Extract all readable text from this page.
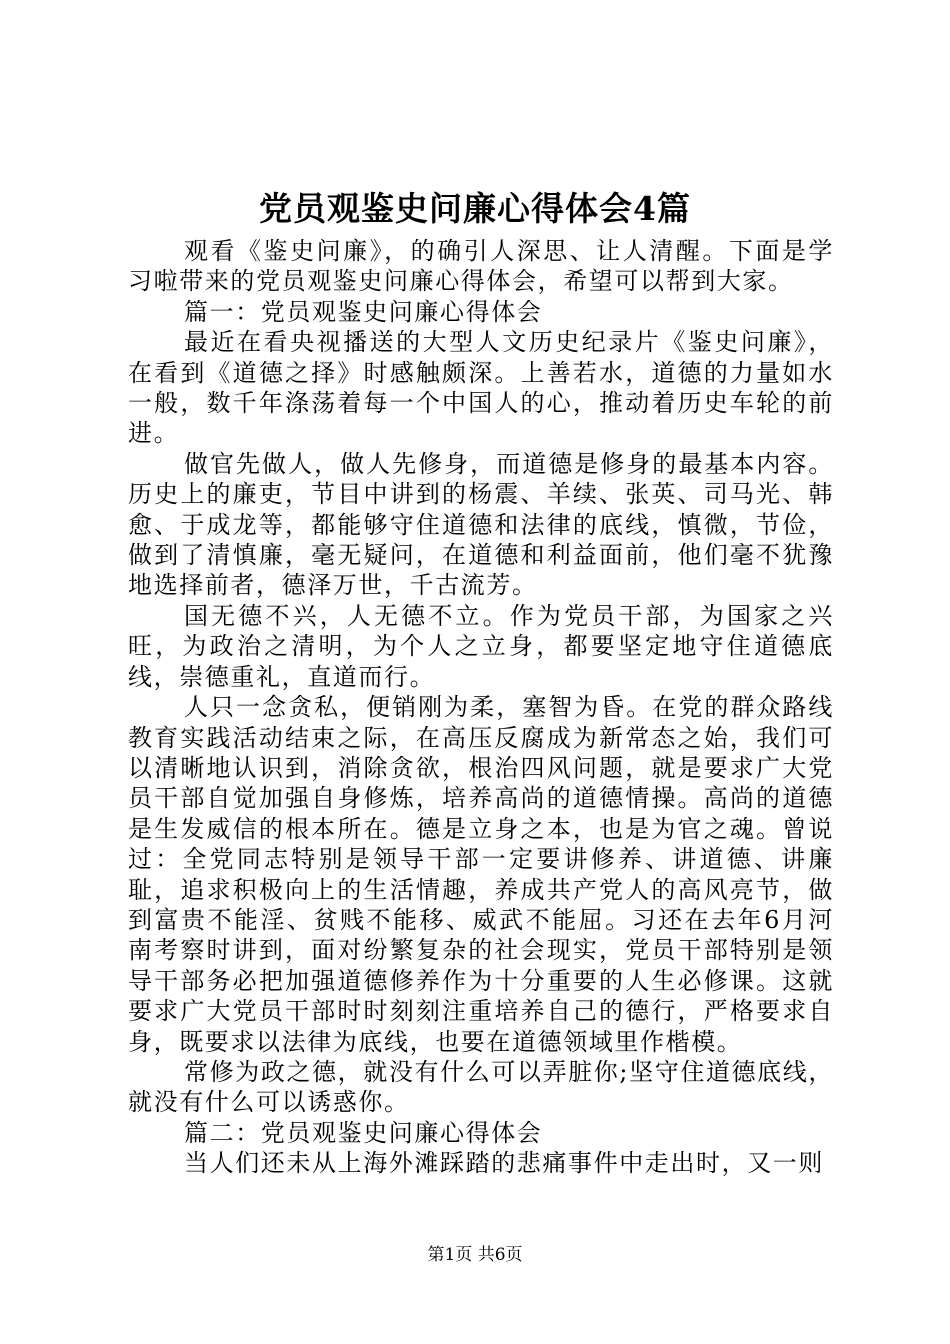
党员观鉴史问廉心得体会4篇

观看《鉴史问廉》，的确引人深思、让人清醒。下面是学习啦带来的党员观鉴史问廉心得体会，希望可以帮到大家。

篇一：党员观鉴史问廉心得体会

最近在看央视播送的大型人文历史纪录片《鉴史问廉》，在看到《道德之择》时感触颇深。上善若水，道德的力量如水一般，数千年涤荡着每一个中国人的心，推动着历史车轮的前进。

做官先做人，做人先修身，而道德是修身的最基本内容。历史上的廉吏，节目中讲到的杨震、羊续、张英、司马光、韩愈、于成龙等，都能够守住道德和法律的底线，慎微，节俭，做到了清慎廉，毫无疑问，在道德和利益面前，他们毫不犹豫地选择前者，德泽万世，千古流芳。

国无德不兴，人无德不立。作为党员干部，为国家之兴旺，为政治之清明，为个人之立身，都要坚定地守住道德底线，崇德重礼，直道而行。

人只一念贪私，便销刚为柔，塞智为昏。在党的群众路线教育实践活动结束之际，在高压反腐成为新常态之始，我们可以清晰地认识到，消除贪欲，根治四风问题，就是要求广大党员干部自觉加强自身修炼，培养高尚的道德情操。高尚的道德是生发威信的根本所在。德是立身之本，也是为官之魂。曾说过：全党同志特别是领导干部一定要讲修养、讲道德、讲廉耻，追求积极向上的生活情趣，养成共产党人的高风亮节，做到富贵不能淫、贫贱不能移、威武不能屈。习还在去年6月河南考察时讲到，面对纷繁复杂的社会现实，党员干部特别是领导干部务必把加强道德修养作为十分重要的人生必修课。这就要求广大党员干部时时刻刻注重培养自己的德行，严格要求自身，既要求以法律为底线，也要在道德领域里作楷模。

常修为政之德，就没有什么可以弄脏你;坚守住道德底线，就没有什么可以诱惑你。

篇二：党员观鉴史问廉心得体会

当人们还未从上海外滩踩踏的悲痛事件中走出时，又一则

第1页 共6页
